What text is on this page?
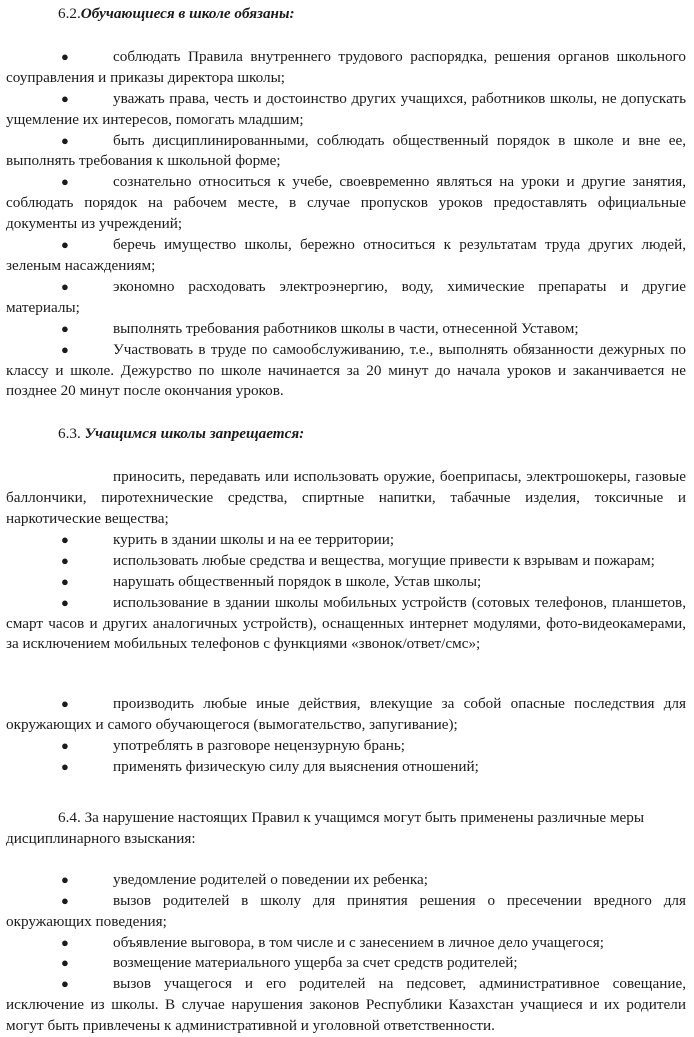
6.2.Обучающиеся в школе обязаны:

●	соблюдать Правила внутреннего трудового распорядка, решения органов школьного соуправления и приказы директора школы;
●	уважать права, честь и достоинство других учащихся, работников школы, не допускать ущемление их интересов, помогать младшим;
●	быть дисциплинированными, соблюдать общественный порядок в школе и вне ее, выполнять требования к школьной форме;
●	сознательно относиться к учебе, своевременно являться на уроки и другие занятия, соблюдать порядок на рабочем месте, в случае пропусков уроков предоставлять официальные документы из учреждений;
●	беречь имущество школы, бережно относиться к результатам труда других людей, зеленым насаждениям;
●	экономно расходовать электроэнергию, воду, химические препараты и другие материалы;
●	выполнять требования работников школы в части, отнесенной Уставом;
●	Участвовать в труде по самообслуживанию, т.е., выполнять обязанности дежурных по классу и школе. Дежурство по школе начинается за 20 минут до начала уроков и заканчивается не позднее 20 минут после окончания уроков.

6.3. Учащимся школы запрещается:

приносить, передавать или использовать оружие, боеприпасы, электрошокеры, газовые баллончики, пиротехнические средства, спиртные напитки, табачные изделия, токсичные и наркотические вещества;
●	курить в здании школы и на ее территории;
●	использовать любые средства и вещества, могущие привести к взрывам и пожарам;
●	нарушать общественный порядок в школе, Устав школы;
●	использование в здании школы мобильных устройств (сотовых телефонов, планшетов, смарт часов и других аналогичных устройств), оснащенных интернет модулями, фото-видеокамерами, за исключением мобильных телефонов с функциями «звонок/ответ/смс»;
●	производить любые иные действия, влекущие за собой опасные последствия для окружающих и самого обучающегося (вымогательство, запугивание);
●	употреблять в разговоре нецензурную брань;
●	применять физическую силу для выяснения отношений;

6.4. За нарушение настоящих Правил к учащимся могут быть применены различные меры дисциплинарного взыскания:

●	уведомление родителей о поведении их ребенка;
●	вызов родителей в школу для принятия решения о пресечении вредного для окружающих поведения;
●	объявление выговора, в том числе и с занесением в личное дело учащегося;
●	возмещение материального ущерба за счет средств родителей;
●	вызов учащегося и его родителей на педсовет, административное совещание, исключение из школы. В случае нарушения законов Республики Казахстан учащиеся и их родители могут быть привлечены к административной и уголовной ответственности.
